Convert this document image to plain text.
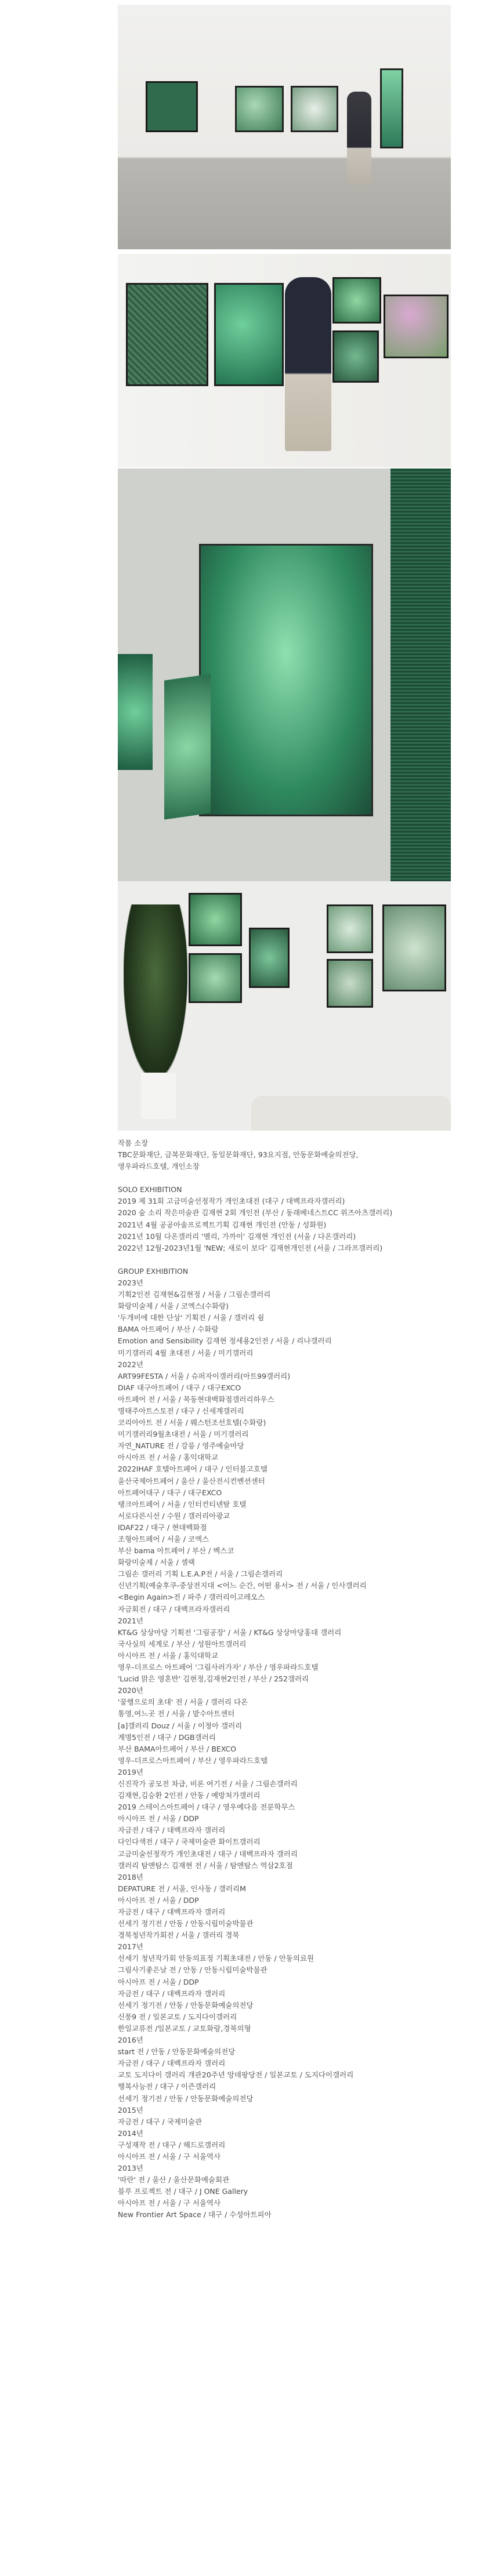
작품 소장
TBC문화재단, 금복문화재단, 동일문화재단, 93요지점, 안동문화예술의전당,
영우파라드호텔, 개인소장
SOLO EXHIBITION
2019 제 31회 고금미술선정작가 개인초대전 (대구 / 대백프라자갤러리)
2020 숲 소리 작은미술관 김재현 2회 개인전 (부산 / 동래베네스트CC 위즈아츠갤러리)
2021년 4월 공공아솔프로젝트기획 김재현 개인전 (안동 / 성화원)
2021년 10월 다온갤러리 '멜리, 가까이' 김재현 개인전 (서울 / 다온갤러리)
2022년 12월-2023년1월 'NEW; 새로이 보다' 김재현개인전 (서울 / 그라프갤러리)
GROUP EXHIBITION
2023년
기획2인전 김재현&김현정 / 서울 / 그림손갤러리
화랑미술제 / 서울 / 코엑스(수화랑)
'두개비에 대한 단상' 기획전 / 서울 / 갤러리 쉼
BAMA 아트페어 / 부산 / 수화랑
Emotion and Sensibility 김재현 정세용2인전 / 서울 / 리나갤러리
미기갤러리 4월 초대전 / 서울 / 미기갤러리
2022년
ART99FESTA / 서울 / 슈퍼자이갤러리(아트99갤러리)
DIAF 대구아트페어 / 대구 / 대구EXCO
아트페어 전 / 서울 / 목동현대백화점갤러리하우스
명태주아트스토전 / 대구 / 신세계갤러리
코리아아트 전 / 서울 / 웨스턴조선호텔(수화랑)
미기갤러리9월초대전 / 서울 / 미기갤러리
자연_NATURE 전 / 강릉 / 영주예술마당
아시아프 전 / 서울 / 홍익대학교
2022IHAF 호텔아트페어 / 대구 / 인터불고호텔
울산국제아트페어 / 울산 / 울산전시컨벤션센터
아트페어대구 / 대구 / 대구EXCO
탱크아트페어 / 서울 / 인터컨티넨탈 호텔
서로다른시선 / 수원 / 갤러리아광교
IDAF22 / 대구 / 현대백화점
조형아트페어 / 서울 / 코엑스
부산 bama 아트페어 / 부산 / 벡스코
화랑미술제 / 서울 / 셀랙
그림손 갤러리 기획 L.E.A.P전 / 서울 / 그림손갤러리
신년기획(예술후쿠-중상전지대 <어느 순간, 어떤 용서> 전 / 서울 / 인사갤러리
<Begin Again>전 / 파주 / 갤러리이고레오스
자금회전 / 대구 / 대백프라자갤러리
2021년
KT&G 상상마당 기획전 '그림공장' / 서울 / KT&G 상상마당홍대 갤러리
국사실의 세계로 / 부산 / 성원아트갤러리
아시아프 전 / 서울 / 홍익대학교
영우-더프로스 아트페어 '그림사러가자' / 부산 / 영우파라드호텔
'Lucid 맑은 영혼반' 김현정,김재현2인전 / 부산 / 252갤러리
2020년
'꿈행으로의 초대' 전 / 서울 / 갤러리 다온
통영,여느곳 전 / 서울 / 밭수아트센터
[a]갤러리 Douz / 서울 / 이정아 갤러리
계명5인전 / 대구 / DGB갤러리
부산 BAMA아트페어 / 부산 / BEXCO
영우-더프로스아트페어 / 부산 / 영우파라드호텔
2019년
신진작가 공모전 차급, 비론 여기전 / 서울 / 그림손갤러리
김재현,김승환 2인전 / 안동 / 예방처가갤러리
2019 스테이스아트페어 / 대구 / 영우예다음 전분학무스
아시아프 전 / 서울 / DDP
자금전 / 대구 / 대백프라자 갤러리
다인다색전 / 대구 / 국제미술관 화이트갤러리
고금미술선정작가 개인초대전 / 대구 / 대백프라자 갤러리
갤러리 탐앤탐스 김재현 전 / 서울 / 탐앤탐스 역삼2호점
2018년
DEPATURE 전 / 서울, 인사동 / 갤러리M
아시아프 전 / 서울 / DDP
자금전 / 대구 / 대백프라자 갤러리
선세기 정기전 / 안동 / 안동시립미술박물관
경북청년작가회전 / 서울 / 갤러리 경북
2017년
선세기 청년작가회 안동의표정 기획초대전 / 안동 / 안동의료원
그림사기좋은날 전 / 안동 / 안동시립미술박물관
아시아프 전 / 서울 / DDP
자금전 / 대구 / 대백프라자 갤러리
선세기 정기전 / 안동 / 안동문화예술의전당
신풍9 전 / 일본교토 / 도지다이갤러리
한일교류전 /일본교토 / 교토화랑,경북의형
2016년
start 전 / 안동 / 안동문화예술의전당
자금전 / 대구 / 대백프라자 갤러리
교토 도지다이 갤러리 개관20주년 앙데팡당전 / 일본교토 / 도지다이갤러리
행복사능전 / 대구 / 이즌갤러리
선세기 정기전 / 안동 / 안동문화예술의전당
2015년
자금전 / 대구 / 국제미술관
2014년
구성재작 전 / 대구 / 해드로갤러리
아시아프 전 / 서울 / 구 서울역사
2013년
'따란' 전 / 울산 / 울산문화예술회관
블루 프로젝트 전 / 대구 / J ONE Gallery
아시아프 전 / 서울 / 구 서울역사
New Frontier Art Space / 대구 / 수성아트피아
